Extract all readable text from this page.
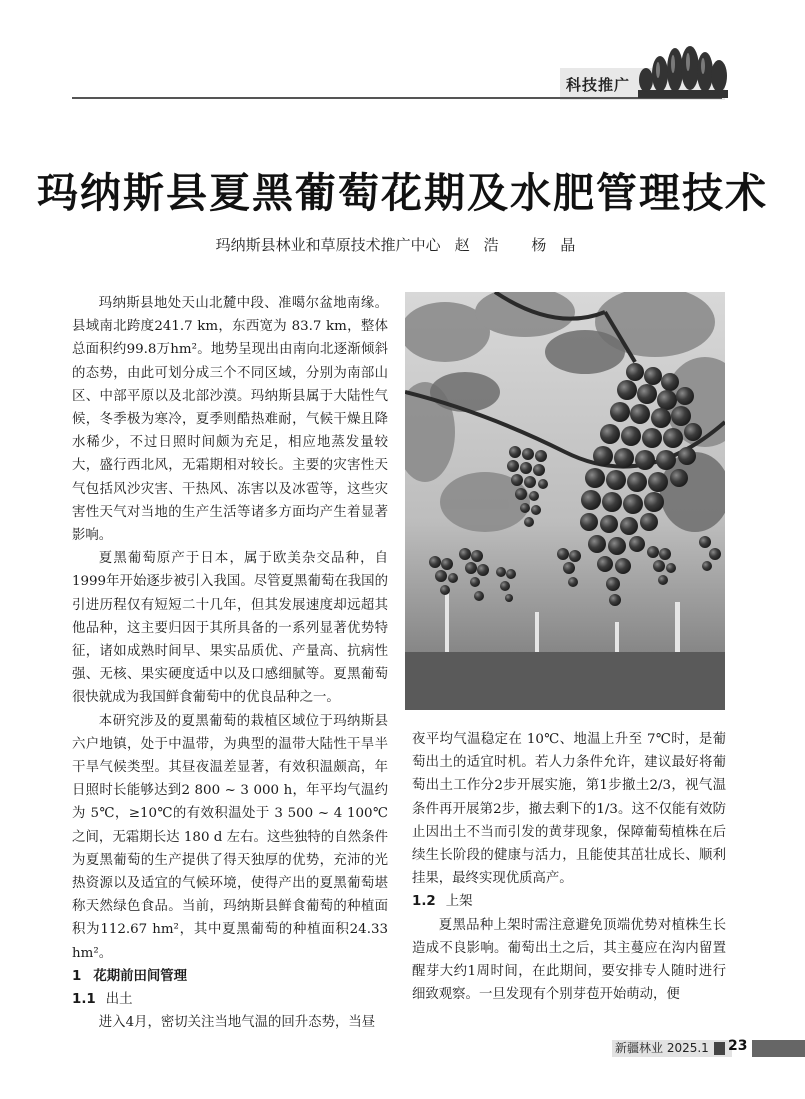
科技推广
玛纳斯县夏黑葡萄花期及水肥管理技术
玛纳斯县林业和草原技术推广中心 赵浩 杨晶

玛纳斯县地处天山北麓中段、准噶尔盆地南缘。县域南北跨度241.7 km，东西宽为 83.7 km，整体总面积约99.8万hm²。地势呈现出由南向北逐渐倾斜的态势，由此可划分成三个不同区域，分别为南部山区、中部平原以及北部沙漠。玛纳斯县属于大陆性气候，冬季极为寒冷，夏季则酷热难耐，气候干燥且降水稀少，不过日照时间颇为充足，相应地蒸发量较大，盛行西北风，无霜期相对较长。主要的灾害性天气包括风沙灾害、干热风、冻害以及冰雹等，这些灾害性天气对当地的生产生活等诸多方面均产生着显著影响。

夏黑葡萄原产于日本，属于欧美杂交品种，自1999年开始逐步被引入我国。尽管夏黑葡萄在我国的引进历程仅有短短二十几年，但其发展速度却远超其他品种，这主要归因于其所具备的一系列显著优势特征，诸如成熟时间早、果实品质优、产量高、抗病性强、无核、果实硬度适中以及口感细腻等。夏黑葡萄很快就成为我国鲜食葡萄中的优良品种之一。

本研究涉及的夏黑葡萄的栽植区域位于玛纳斯县六户地镇，处于中温带，为典型的温带大陆性干旱半干旱气候类型。其昼夜温差显著，有效积温颇高，年日照时长能够达到2 800 ~ 3 000 h，年平均气温约为 5℃，≥10℃的有效积温处于 3 500 ~ 4 100℃之间，无霜期长达 180 d 左右。这些独特的自然条件为夏黑葡萄的生产提供了得天独厚的优势，充沛的光热资源以及适宜的气候环境，使得产出的夏黑葡萄堪称天然绿色食品。当前，玛纳斯县鲜食葡萄的种植面积为112.67 hm²，其中夏黑葡萄的种植面积24.33 hm²。

1 花期前田间管理

1.1 出土

进入4月，密切关注当地气温的回升态势，当昼

夜平均气温稳定在 10℃、地温上升至 7℃时，是葡萄出土的适宜时机。若人力条件允许，建议最好将葡萄出土工作分2步开展实施，第1步撤土2/3，视气温条件再开展第2步，撤去剩下的1/3。这不仅能有效防止因出土不当而引发的黄芽现象，保障葡萄植株在后续生长阶段的健康与活力，且能使其茁壮成长、顺利挂果，最终实现优质高产。

1.2 上架

夏黑品种上架时需注意避免顶端优势对植株生长造成不良影响。葡萄出土之后，其主蔓应在沟内留置醒芽大约1周时间，在此期间，要安排专人随时进行细致观察。一旦发现有个别芽苞开始萌动，便

新疆林业 2025.1 23
